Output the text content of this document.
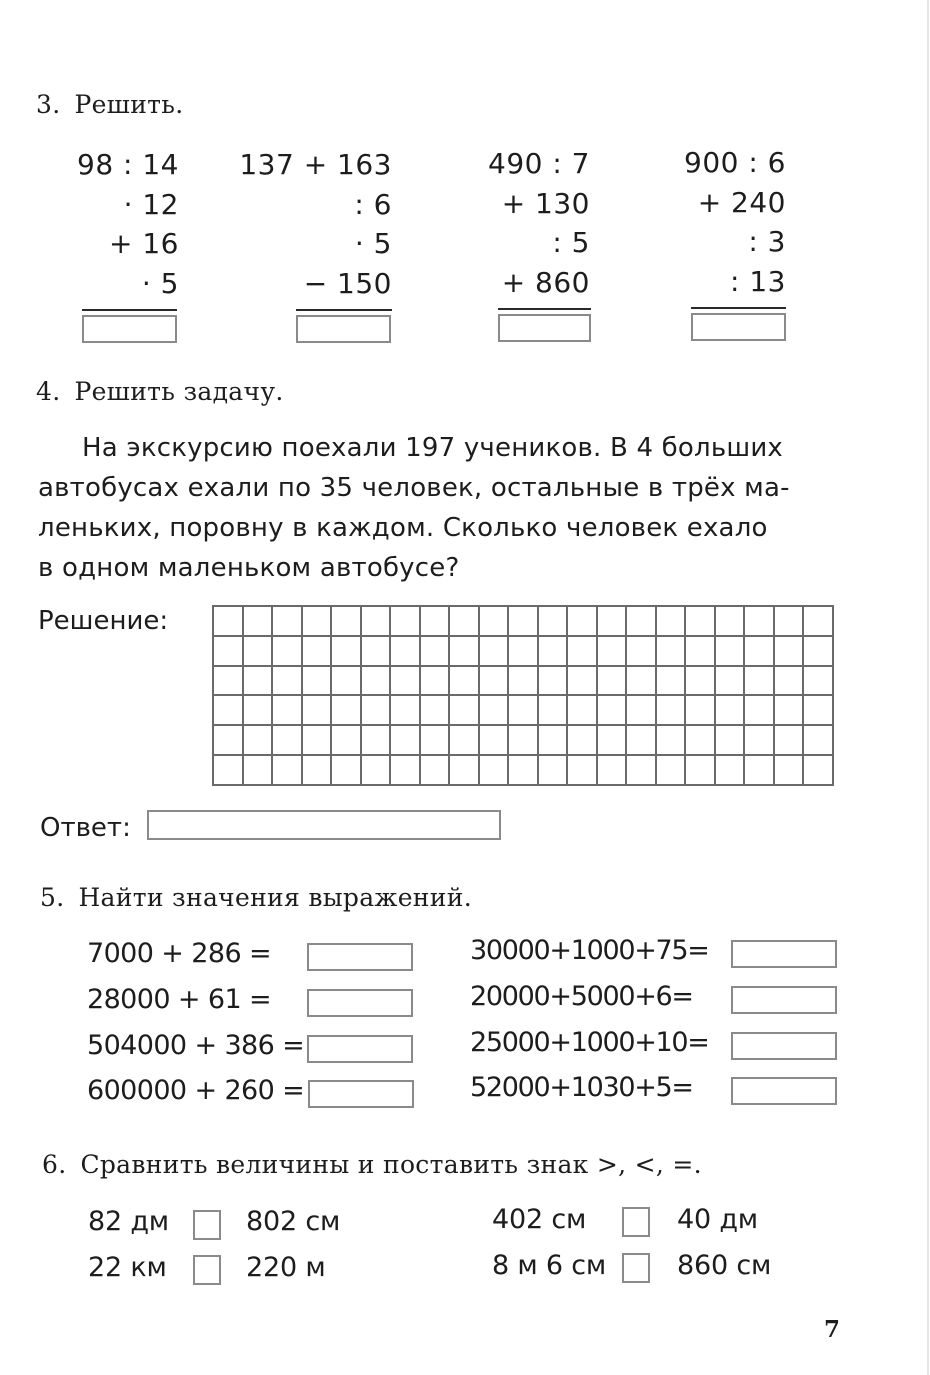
3. Решить.
98 : 14
· 12
+ 16
· 5
137 + 163
: 6
· 5
− 150
490 : 7
+ 130
: 5
+ 860
900 : 6
+ 240
: 3
: 13
4. Решить задачу.
На экскурсию поехали 197 учеников. В 4 больших
автобусах ехали по 35 человек, остальные в трёх ма-
леньких, поровну в каждом. Сколько человек ехало
в одном маленьком автобусе?
Решение:
Ответ:
5. Найти значения выражений.
7000 + 286 =
28000 + 61 =
504000 + 386 =
600000 + 260 =
30000+1000+75=
20000+5000+6=
25000+1000+10=
52000+1030+5=
6. Сравнить величины и поставить знак >, <, =.
82 дм	802 см
22 км	220 м
402 см	40 дм
8 м 6 см	860 см
7
